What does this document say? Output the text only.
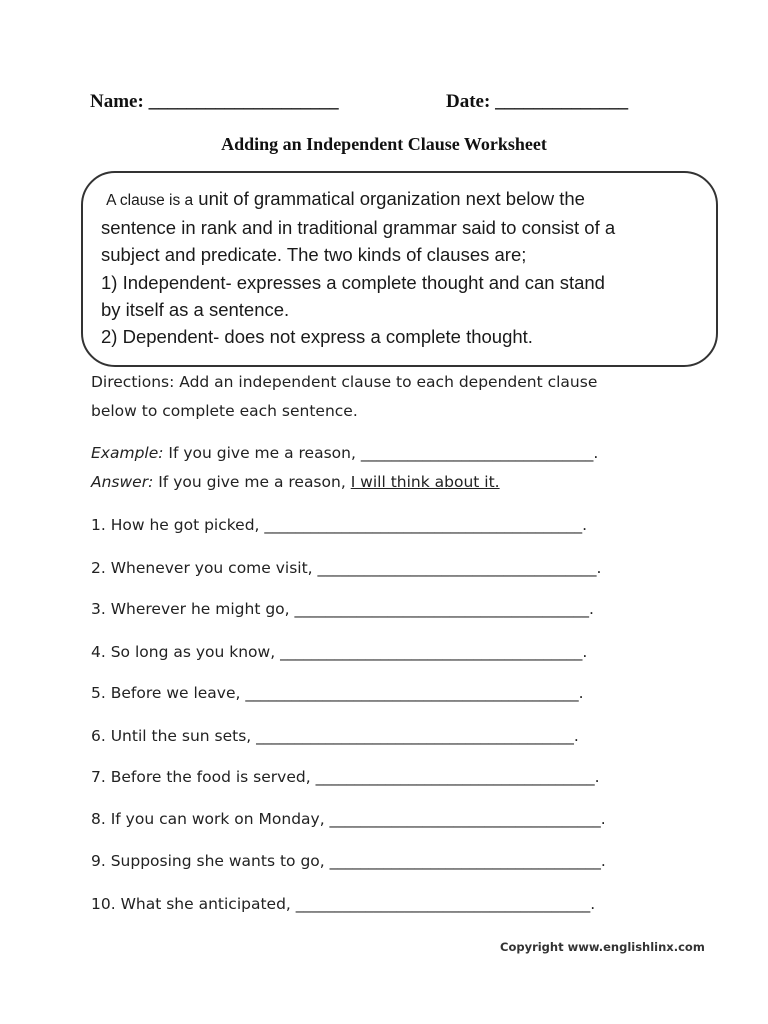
Name: ____________________	Date: ______________
Adding an Independent Clause Worksheet
A clause is a unit of grammatical organization next below the
sentence in rank and in traditional grammar said to consist of a
subject and predicate. The two kinds of clauses are;
1) Independent- expresses a complete thought and can stand
by itself as a sentence.
2) Dependent- does not express a complete thought.
Directions: Add an independent clause to each dependent clause
below to complete each sentence.
Example: If you give me a reason, ______________________________.
Answer: If you give me a reason, I will think about it.
1. How he got picked, _________________________________________.
2. Whenever you come visit, ____________________________________.
3. Wherever he might go, ______________________________________.
4. So long as you know, _______________________________________.
5. Before we leave, ___________________________________________.
6. Until the sun sets, _________________________________________.
7. Before the food is served, ____________________________________.
8. If you can work on Monday, ___________________________________.
9. Supposing she wants to go, ___________________________________.
10. What she anticipated, ______________________________________.
Copyright www.englishlinx.com
